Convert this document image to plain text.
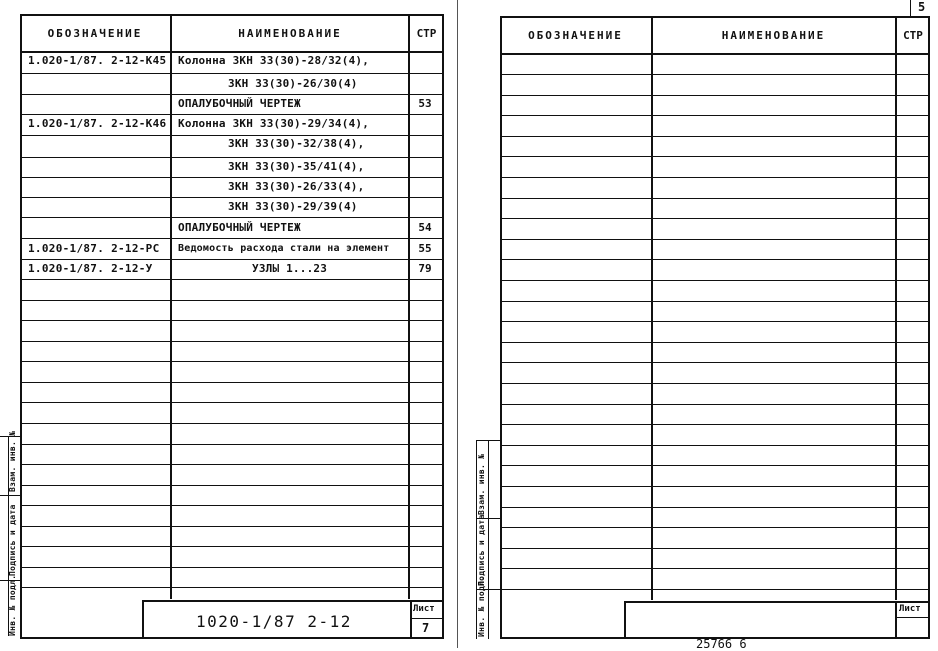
ОБОЗНАЧЕНИЕ	НАИМЕНОВАНИЕ	СТР
1.020-1/87. 2-12-К45 Колонна 3КН 33(30)-28/32(4),
3КН 33(30)-26/30(4)
ОПАЛУБОЧНЫЙ ЧЕРТЕЖ	53
1.020-1/87. 2-12-К46 Колонна 3КН 33(30)-29/34(4),
3КН 33(30)-32/38(4),
3КН 33(30)-35/41(4),
3КН 33(30)-26/33(4),
3КН 33(30)-29/39(4)
ОПАЛУБОЧНЫЙ ЧЕРТЕЖ	54
1.020-1/87. 2-12-РС Ведомость расхода стали на элемент	55
1.020-1/87. 2-12-У	УЗЛЫ 1...23	79
1020-1/87 2-12
Лист
7
Взам. инв. №
Подпись и дата
Инв. № подл.
ОБОЗНАЧЕНИЕ	НАИМЕНОВАНИЕ	СТР
5
Лист
Инв. № подл.
Подпись и дата
Взам. инв. №
25766 6
